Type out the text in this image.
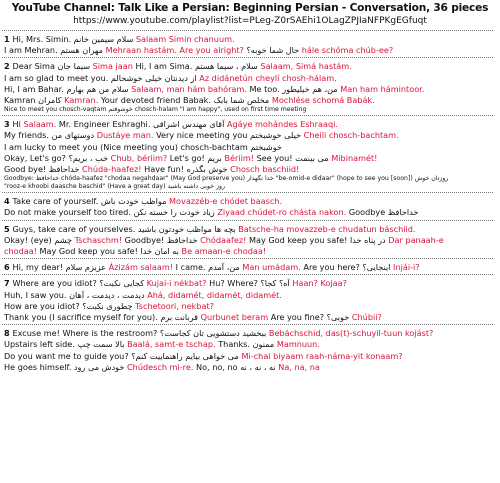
YouTube Channel: Talk Like a Persian: Beginning Persian - Conversation, 36 pieces
https://www.youtube.com/playlist?list=PLeg-Z0rSAEhi1OLagZPJIaNFPKgEGfuqt
1 Hi, Mrs. Simin. سلام سیمین خانم Salaam Simin chanuum.
I am Mehran. مهران هستم Mehraan hastám. Are you alright? حال شما خوبه؟ hále schóma chúb-ee?
2 Dear Sima سیما جان Sima jaan Hi, I am Sima. سلام ، سیما هستم Salaam, Simá hastám.
I am so glad to meet you. از دیدنتان خیلی خوشحالم Az didánetún cheylí chosh-hálam.
Hi, I am Bahar. سلام من هم بهارم Salaam, man hám bahóram. Me too. من، هم خیلیطور Man ham hámintoor.
Kamran کامران Kamran. Your devoted friend Babak. مخلص شما بابک Mochlése schomá Babák.
Nice to meet you chosch-vaqtam خوشوقتم chosch-halam "I am happy", used on first time meeting
3 Hi Salaam. Mr. Engineer Eshraghi. آقای مهندس اشراقی Agáye mohándes Eshraaqi.
My friends. دوستهای من Dustáye man. Very nice meeting you خیلی خوشبختم Cheili chosch-bachtam.
I am lucky to meet you (Nice meeting you) chosch-bachtam خوشبختم
Okay, Let's go? خب ، بریم؟ Chub, bériim? Let's go! بریم Bériim! See you! می بینمت Mibinamét!
Good bye! خداحافظ Chúda-haafez! Have fun! خوش بگذره Chosch baschiid!
Goodbye: خداحافظ chóda-haafez "chodaa negahdaar" (May God preserve you) خدا نگهدار "be-omid-e didaar" (hope to see you [soon]) روزتان خوش
"rooz-e khoobi daasche baschid" (Have a great day) روز خوبی داشته باشید
4 Take care of yourself. مواظب خودت باش Movazzéb-e chódet baasch.
Do not make yourself too tired. زیاد خودت را خسته نکن Ziyaad chúdet-ro chásta nakon. Goodbye خداحافظ
5 Guys, take care of yourselves. بچه ها مواظب خودتون باشید Batsche-ha movazzeb-e chudatun báschiid.
Okay! (eye) چشم Tschaschm! Goodbye! خداحافظ Chódaafez! May God keep you safe! در پناه خدا Dar panaah-e
chodaa! May God keep you safe! به امان خدا Be amaan-e chodaa!
6 Hi, my dear! عزیزم سلام Ázizám salaam! I came. من، آمدم Man umádam. Are you here? اینجایی؟ Injái-i?
7 Where are you idiot? کجایی نکبت؟ Kujai-i nékbat? Hu? Where? آه؟ کجا؟ Haan? Kojaa?
Huh, I saw you. دیدمت ، دیدمت ، آهان Ahá, didamét, didamét, didamét.
How are you idiot? چطوری نکبت؟ Tschetoori, nekbat?
Thank you (I sacrifice myself for you). قربانت برم Qurbunet beram Are you fine? خوبی؟ Chúbii?
8 Excuse me! Where is the restroom? ببخشید دستشویی تان کجاست؟ Bebáchschid, das(t)-schuyil-tuun kojást?
Upstairs left side. بالا سمت چپ Baalá, samt-e tschap. Thanks. ممنون Mamnuun.
Do you want me to guide you? می خواهی بیایم راهنماییت کنم؟ Mi-chai biyaam raah-náma-yit konaam?
He goes himself. خودش می رود Chúdesch mi-re. No, no, no نه ، نه ، نه Na, na, na
